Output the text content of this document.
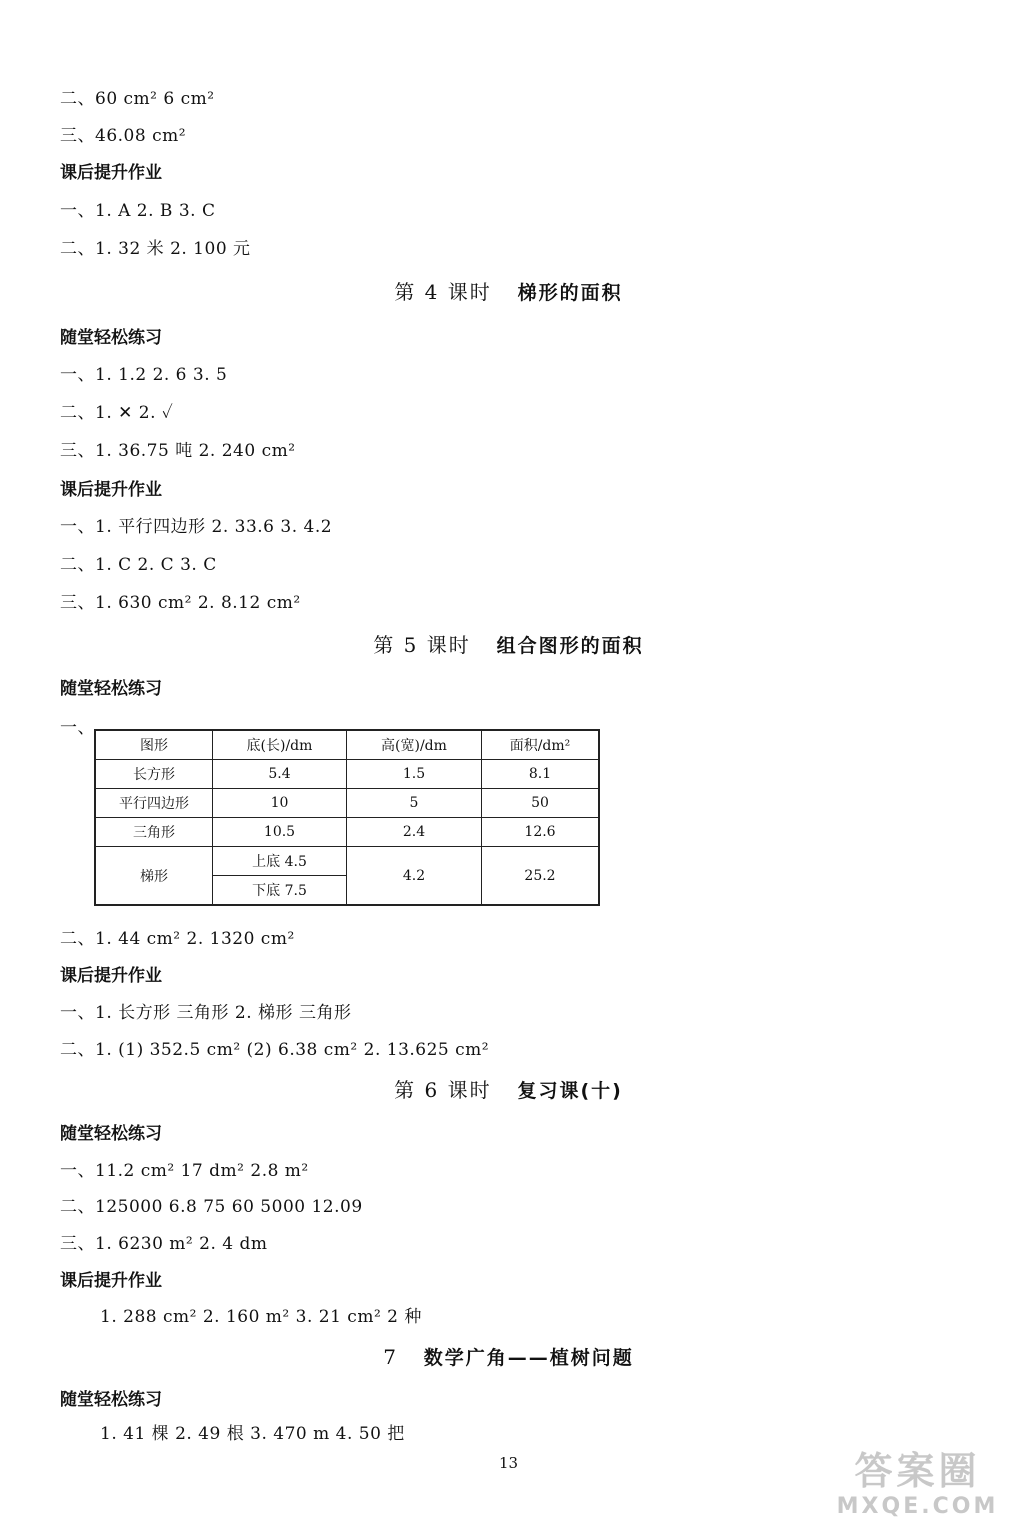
二、60 cm² 6 cm²
三、46.08 cm²
课后提升作业
一、1. A 2. B 3. C
二、1. 32 米 2. 100 元
第 4 课时 梯形的面积
随堂轻松练习
一、1. 1.2 2. 6 3. 5
二、1. ✕ 2. ✓
三、1. 36.75 吨 2. 240 cm²
课后提升作业
一、1. 平行四边形 2. 33.6 3. 4.2
二、1. C 2. C 3. C
三、1. 630 cm² 2. 8.12 cm²
第 5 课时 组合图形的面积
随堂轻松练习
一、
图形	底(长)/dm	高(宽)/dm	面积/dm²
长方形	5.4	1.5	8.1
平行四边形	10	5	50
三角形	10.5	2.4	12.6
梯形	上底 4.5	4.2	25.2
	下底 7.5		
二、1. 44 cm² 2. 1320 cm²
课后提升作业
一、1. 长方形 三角形 2. 梯形 三角形
二、1. (1) 352.5 cm² (2) 6.38 cm² 2. 13.625 cm²
第 6 课时 复习课(十)
随堂轻松练习
一、11.2 cm² 17 dm² 2.8 m²
二、125000 6.8 75 60 5000 12.09
三、1. 6230 m² 2. 4 dm
课后提升作业
1. 288 cm² 2. 160 m² 3. 21 cm² 2 种
7 数学广角——植树问题
随堂轻松练习
1. 41 棵 2. 49 根 3. 470 m 4. 50 把
13	答案圈
MXQE.COM
